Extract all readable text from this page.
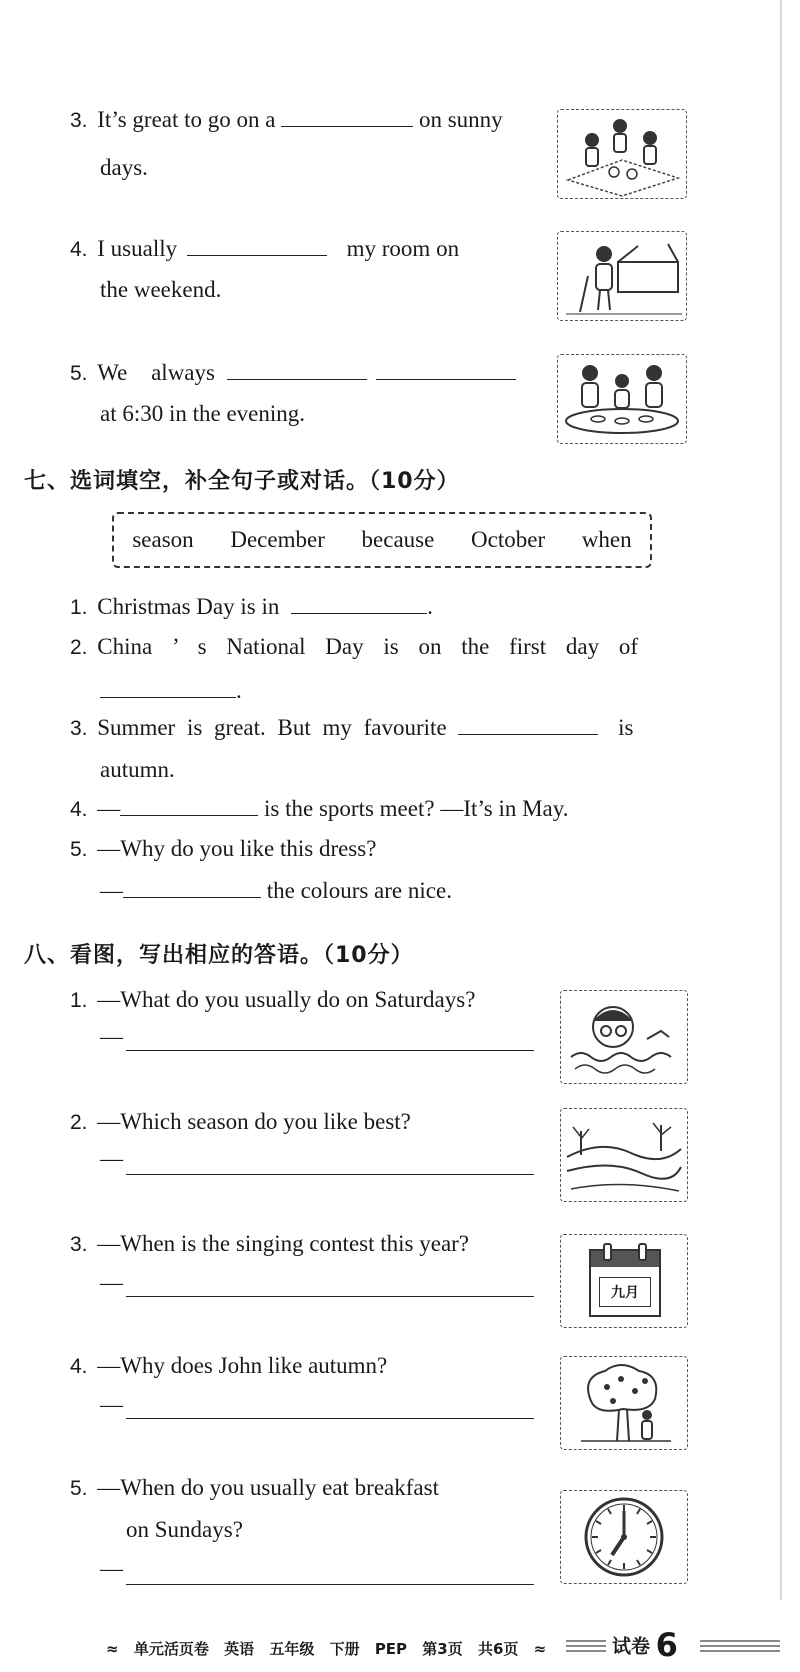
3. It’s great to go on a	on sunny
days.
4. I usually	my room on
the weekend.
5. We always
at 6:30 in the evening.
七、选词填空，补全句子或对话。（10分）
season December because October when
1. Christmas Day is in	.
2. China ’ s National Day is on the first day of
.
3. Summer is great. But my favourite	is
autumn.
4. —	is the sports meet? —It’s in May.
5. —Why do you like this dress?
—	the colours are nice.
八、看图，写出相应的答语。（10分）
1. —What do you usually do on Saturdays?
—
2. —Which season do you like best?
—
3. —When is the singing contest this year?
—	九月
4. —Why does John like autumn?
—
5. —When do you usually eat breakfast
on Sundays?
—
≈ 单元活页卷 英语 五年级 下册 PEP 第3页 共6页 ≈	试卷 6
